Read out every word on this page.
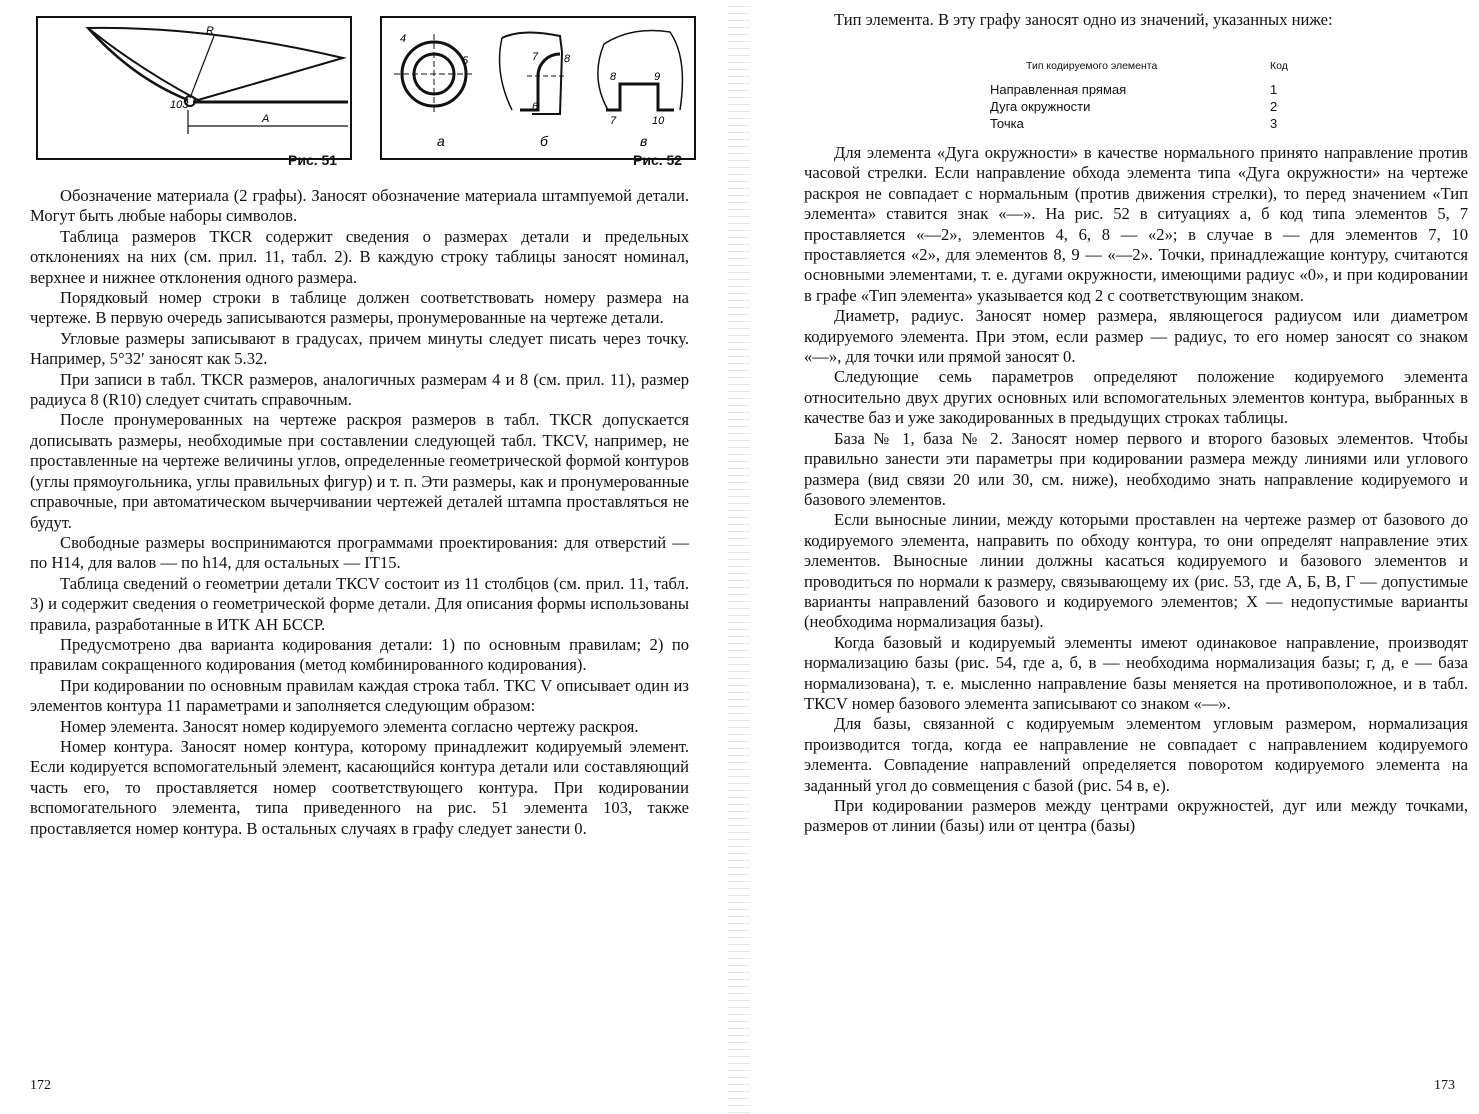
R
103
A
Рис. 51
4
5	7 8
6
8	9
7	10
а	б	в
Рис. 52

Обозначение материала (2 графы). Заносят обозначение материала штампуемой детали. Могут быть любые наборы символов.

Таблица размеров ТКСR содержит сведения о размерах детали и предельных отклонениях на них (см. прил. 11, табл. 2). В каждую строку таблицы заносят номинал, верхнее и нижнее отклонения одного размера.

Порядковый номер строки в таблице должен соответствовать номеру размера на чертеже. В первую очередь записываются размеры, пронумерованные на чертеже детали.

Угловые размеры записывают в градусах, причем минуты следует писать через точку. Например, 5°32′ заносят как 5.32.

При записи в табл. ТКСR размеров, аналогичных размерам 4 и 8 (см. прил. 11), размер радиуса 8 (R10) следует считать справочным.

После пронумерованных на чертеже раскроя размеров в табл. ТКСR допускается дописывать размеры, необходимые при составлении следующей табл. ТКСV, например, не проставленные на чертеже величины углов, определенные геометрической формой контуров (углы прямоугольника, углы правильных фигур) и т. п. Эти размеры, как и пронумерованные справочные, при автоматическом вычерчивании чертежей деталей штампа проставляться не будут.

Свободные размеры воспринимаются программами проектирования: для отверстий — по H14, для валов — по h14, для остальных — IT15.

Таблица сведений о геометрии детали ТКСV состоит из 11 столбцов (см. прил. 11, табл. 3) и содержит сведения о геометрической форме детали. Для описания формы использованы правила, разработанные в ИТК АН БССР.

Предусмотрено два варианта кодирования детали: 1) по основным правилам; 2) по правилам сокращенного кодирования (метод комбинированного кодирования).

При кодировании по основным правилам каждая строка табл. ТКС V описывает один из элементов контура 11 параметрами и заполняется следующим образом:

Номер элемента. Заносят номер кодируемого элемента согласно чертежу раскроя.

Номер контура. Заносят номер контура, которому принадлежит кодируемый элемент. Если кодируется вспомогательный элемент, касающийся контура детали или составляющий часть его, то проставляется номер соответствующего контура. При кодировании вспомогательного элемента, типа приведенного на рис. 51 элемента 103, также проставляется номер контура. В остальных случаях в графу следует занести 0.

172

Тип элемента. В эту графу заносят одно из значений, указанных ниже:

Тип кодируемого элемента	Код
Направленная прямая	1
Дуга окружности	2
Точка	3

Для элемента «Дуга окружности» в качестве нормального принято направление против часовой стрелки. Если направление обхода элемента типа «Дуга окружности» на чертеже раскроя не совпадает с нормальным (против движения стрелки), то перед значением «Тип элемента» ставится знак «—». На рис. 52 в ситуациях а, б код типа элементов 5, 7 проставляется «—2», элементов 4, 6, 8 — «2»; в случае в — для элементов 7, 10 проставляется «2», для элементов 8, 9 — «—2». Точки, принадлежащие контуру, считаются основными элементами, т. е. дугами окружности, имеющими радиус «0», и при кодировании в графе «Тип элемента» указывается код 2 с соответствующим знаком.

Диаметр, радиус. Заносят номер размера, являющегося радиусом или диаметром кодируемого элемента. При этом, если размер — радиус, то его номер заносят со знаком «—», для точки или прямой заносят 0.

Следующие семь параметров определяют положение кодируемого элемента относительно двух других основных или вспомогательных элементов контура, выбранных в качестве баз и уже закодированных в предыдущих строках таблицы.

База № 1, база № 2. Заносят номер первого и второго базовых элементов. Чтобы правильно занести эти параметры при кодировании размера между линиями или углового размера (вид связи 20 или 30, см. ниже), необходимо знать направление кодируемого и базового элементов.

Если выносные линии, между которыми проставлен на чертеже размер от базового до кодируемого элемента, направить по обходу контура, то они определят направление этих элементов. Выносные линии должны касаться кодируемого и базового элементов и проводиться по нормали к размеру, связывающему их (рис. 53, где А, Б, В, Г — допустимые варианты направлений базового и кодируемого элементов; X — недопустимые варианты (необходима нормализация базы).

Когда базовый и кодируемый элементы имеют одинаковое направление, производят нормализацию базы (рис. 54, где а, б, в — необходима нормализация базы; г, д, е — база нормализована), т. е. мысленно направление базы меняется на противоположное, и в табл. ТКСV номер базового элемента записывают со знаком «—».

Для базы, связанной с кодируемым элементом угловым размером, нормализация производится тогда, когда ее направление не совпадает с направлением кодируемого элемента. Совпадение направлений определяется поворотом кодируемого элемента на заданный угол до совмещения с базой (рис. 54 в, е).

При кодировании размеров между центрами окружностей, дуг или между точками, размеров от линии (базы) или от центра (базы)

173
